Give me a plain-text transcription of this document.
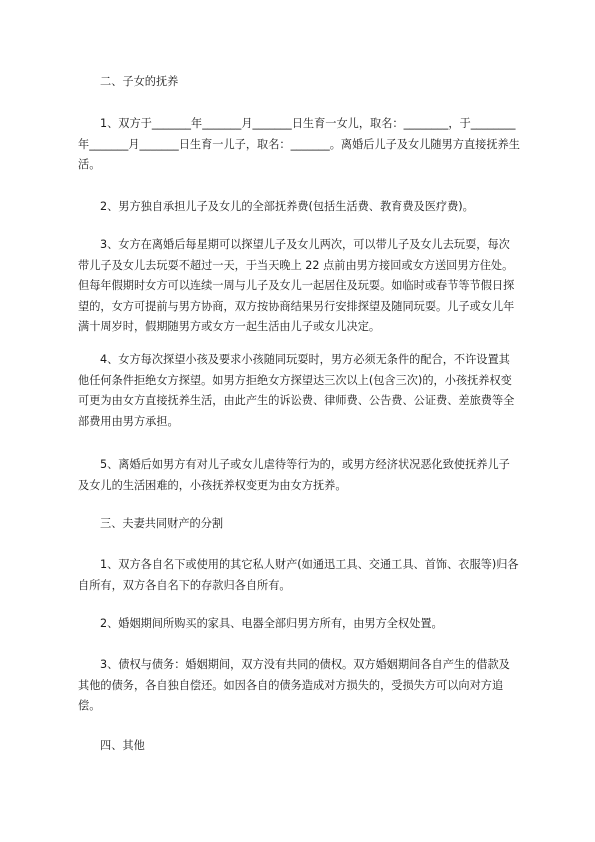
二、子女的抚养

1、双方于_______年_______月_______日生育一女儿，取名：________，于________年_______月_______日生育一儿子，取名：_______。离婚后儿子及女儿随男方直接抚养生活。

2、男方独自承担儿子及女儿的全部抚养费(包括生活费、教育费及医疗费)。

3、女方在离婚后每星期可以探望儿子及女儿两次，可以带儿子及女儿去玩耍，每次带儿子及女儿去玩耍不超过一天，于当天晚上 22 点前由男方接回或女方送回男方住处。但每年假期时女方可以连续一周与儿子及女儿一起居住及玩耍。如临时或春节等节假日探望的，女方可提前与男方协商，双方按协商结果另行安排探望及随同玩耍。儿子或女儿年满十周岁时，假期随男方或女方一起生活由儿子或女儿决定。

4、女方每次探望小孩及要求小孩随同玩耍时，男方必须无条件的配合，不许设置其他任何条件拒绝女方探望。如男方拒绝女方探望达三次以上(包含三次)的，小孩抚养权变可更为由女方直接抚养生活，由此产生的诉讼费、律师费、公告费、公证费、差旅费等全部费用由男方承担。

5、离婚后如男方有对儿子或女儿虐待等行为的，或男方经济状况恶化致使抚养儿子及女儿的生活困难的，小孩抚养权变更为由女方抚养。

三、夫妻共同财产的分割

1、双方各自名下或使用的其它私人财产(如通迅工具、交通工具、首饰、衣服等)归各自所有，双方各自名下的存款归各自所有。

2、婚姻期间所购买的家具、电器全部归男方所有，由男方全权处置。

3、债权与债务：婚姻期间，双方没有共同的债权。双方婚姻期间各自产生的借款及其他的债务，各自独自偿还。如因各自的债务造成对方损失的，受损失方可以向对方追偿。

四、其他
